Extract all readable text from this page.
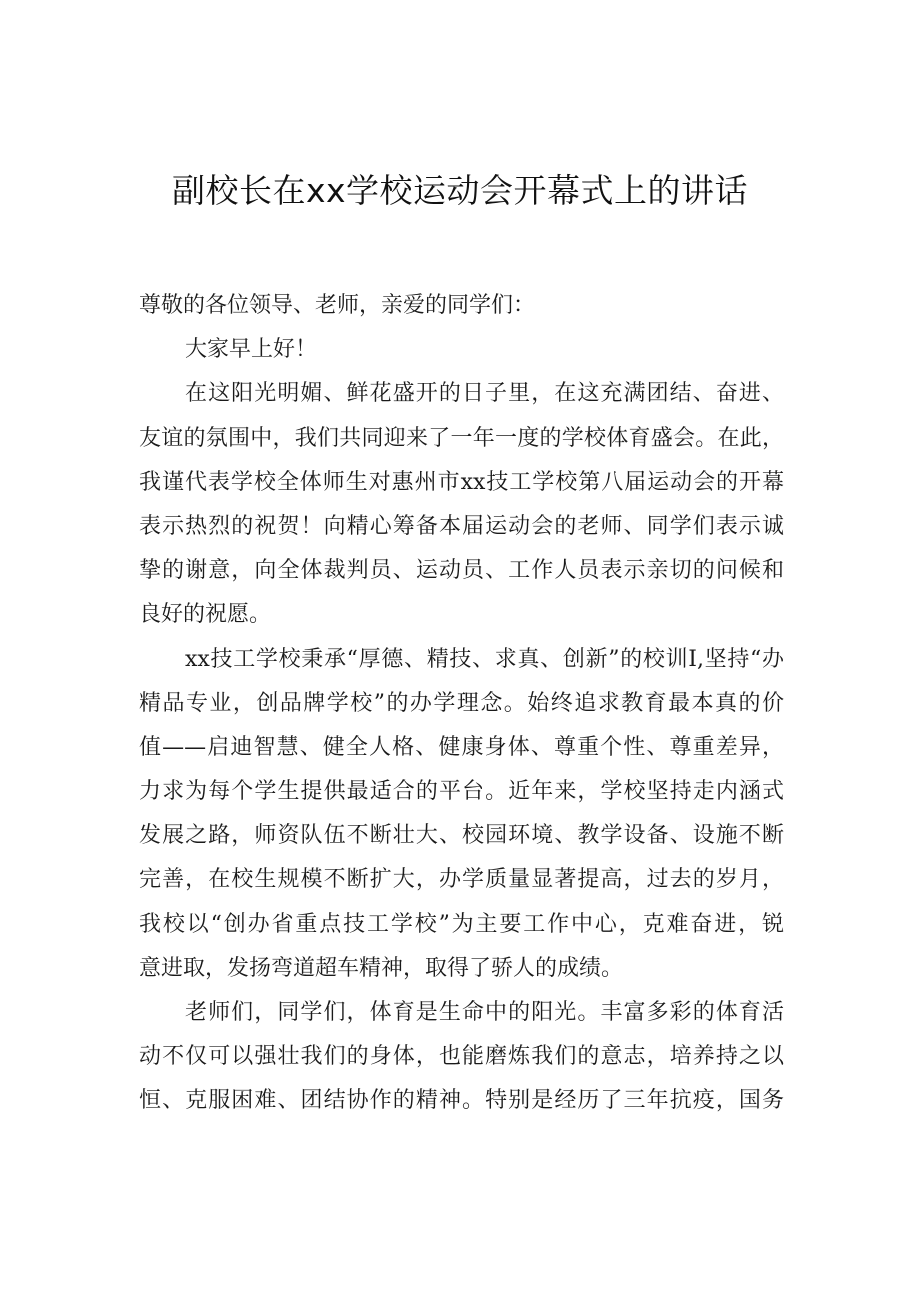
副校长在xx学校运动会开幕式上的讲话
尊敬的各位领导、老师，亲爱的同学们：
大家早上好！
在这阳光明媚、鲜花盛开的日子里，在这充满团结、奋进、
友谊的氛围中，我们共同迎来了一年一度的学校体育盛会。在此，
我谨代表学校全体师生对惠州市xx技工学校第八届运动会的开幕
表示热烈的祝贺！向精心筹备本届运动会的老师、同学们表示诚
挚的谢意，向全体裁判员、运动员、工作人员表示亲切的问候和
良好的祝愿。
xx技工学校秉承“厚德、精技、求真、创新”的校训I,坚持“办
精品专业，创品牌学校”的办学理念。始终追求教育最本真的价
值——启迪智慧、健全人格、健康身体、尊重个性、尊重差异，
力求为每个学生提供最适合的平台。近年来，学校坚持走内涵式
发展之路，师资队伍不断壮大、校园环境、教学设备、设施不断
完善，在校生规模不断扩大，办学质量显著提高，过去的岁月，
我校以“创办省重点技工学校”为主要工作中心，克难奋进，锐
意进取，发扬弯道超车精神，取得了骄人的成绩。
老师们，同学们，体育是生命中的阳光。丰富多彩的体育活
动不仅可以强壮我们的身体，也能磨炼我们的意志，培养持之以
恒、克服困难、团结协作的精神。特别是经历了三年抗疫，国务
